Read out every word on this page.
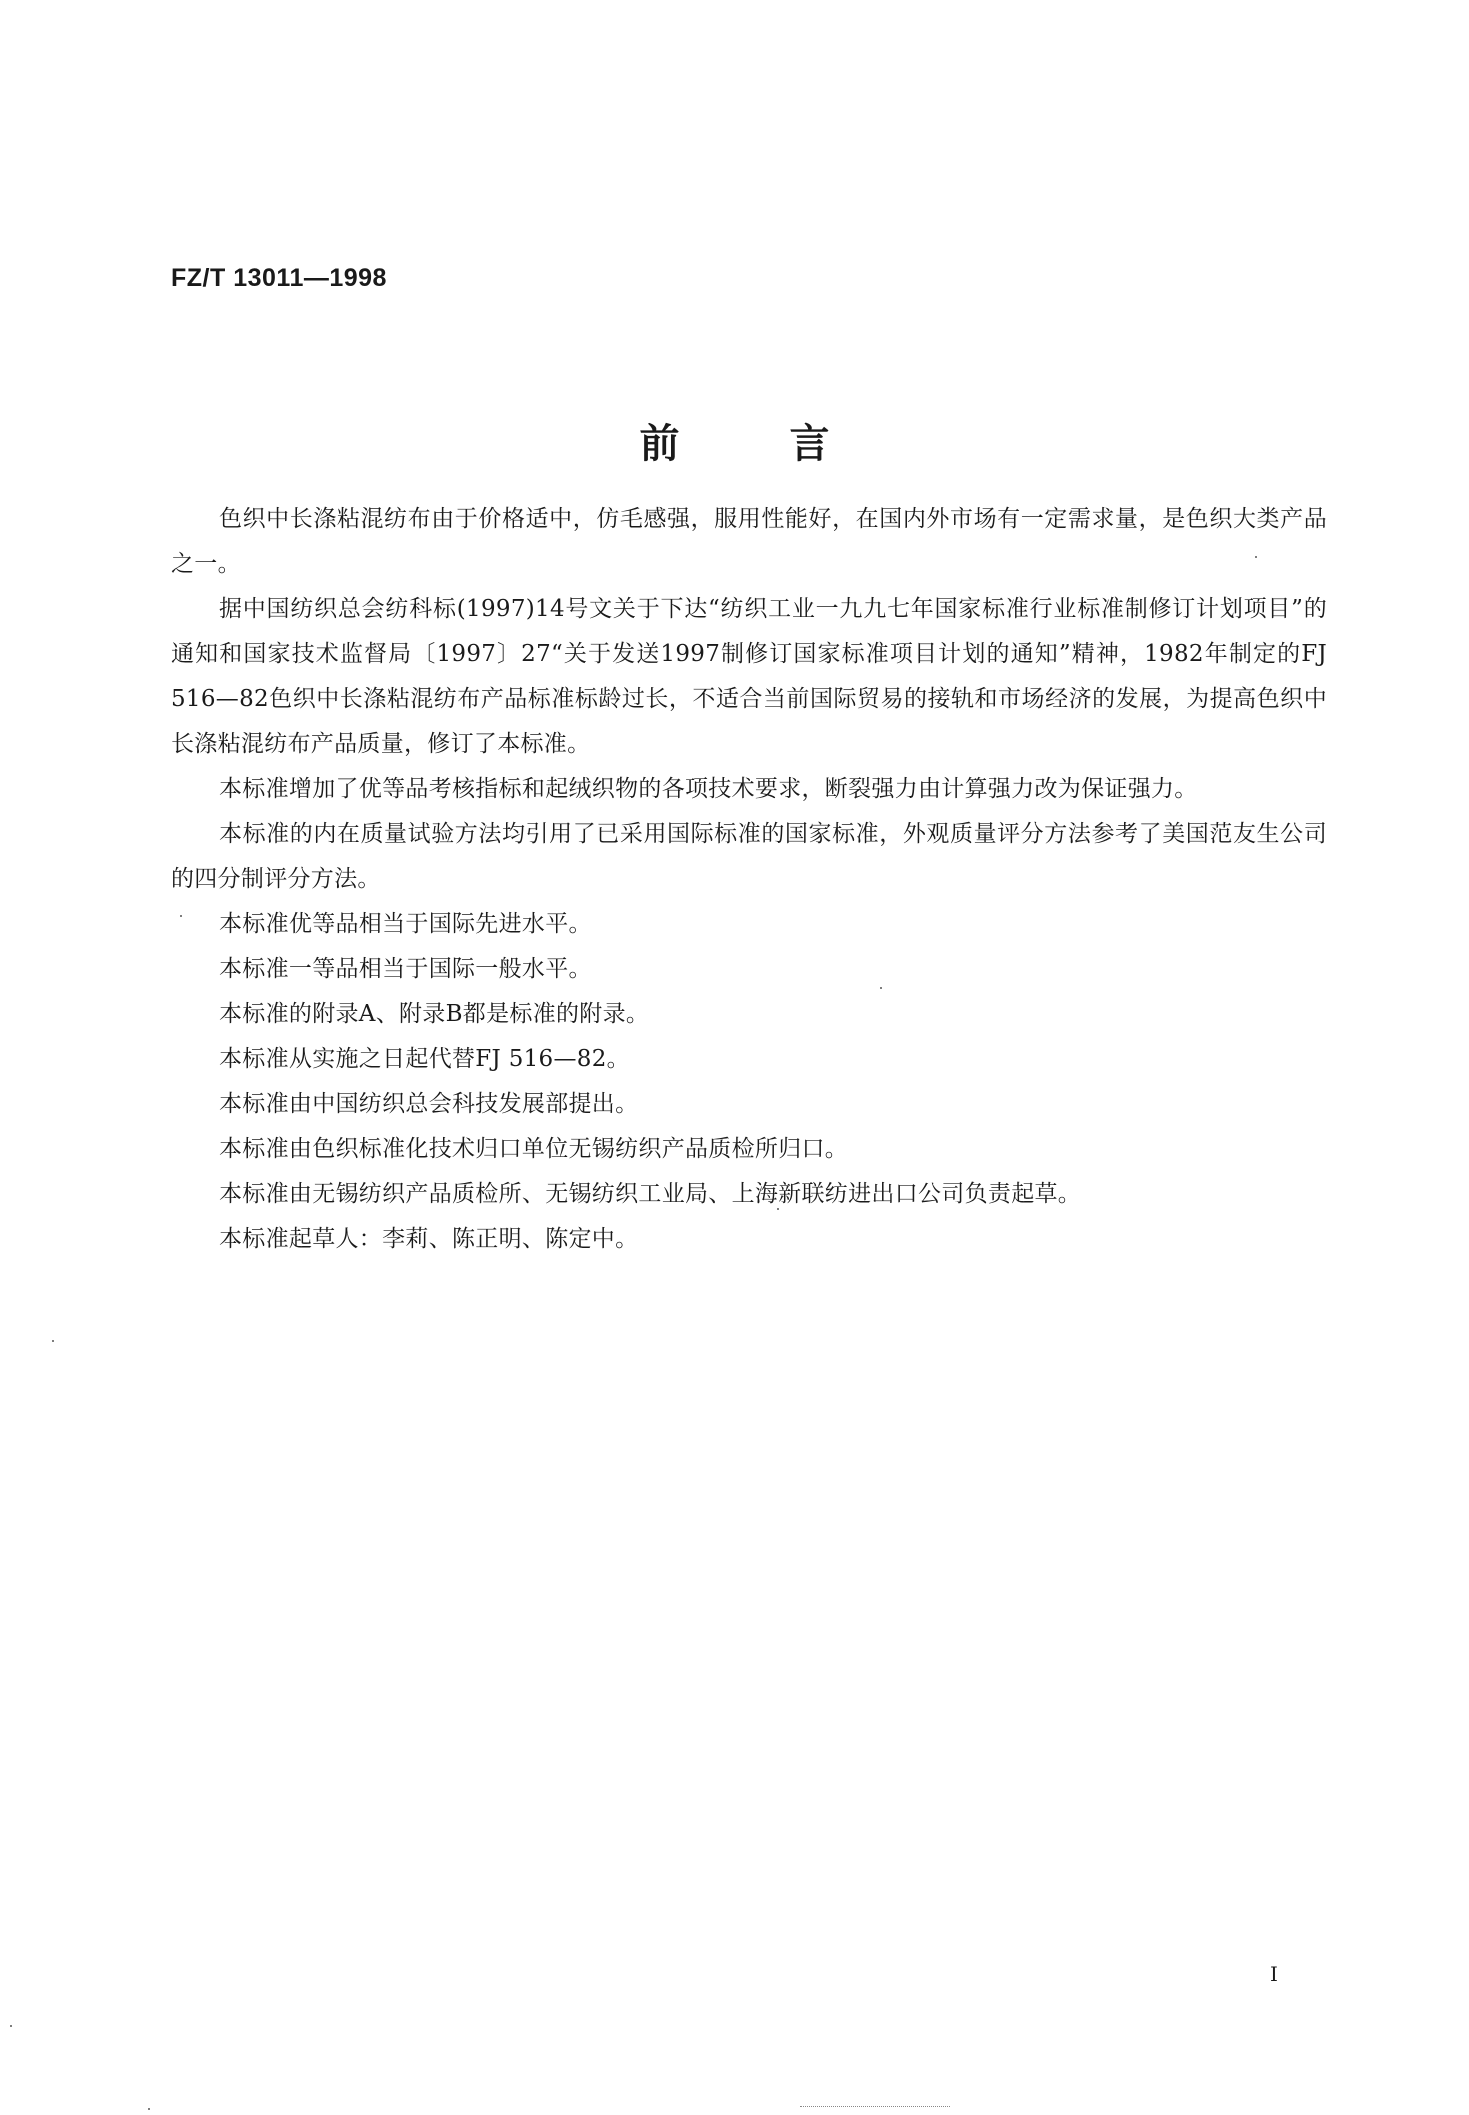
FZ/T 13011—1998
前言

色织中长涤粘混纺布由于价格适中，仿毛感强，服用性能好，在国内外市场有一定需求量，是色织大类产品之一。

据中国纺织总会纺科标(1997)14号文关于下达“纺织工业一九九七年国家标准行业标准制修订计划项目”的通知和国家技术监督局〔1997〕27“关于发送1997制修订国家标准项目计划的通知”精神，1982年制定的FJ 516—82色织中长涤粘混纺布产品标准标龄过长，不适合当前国际贸易的接轨和市场经济的发展，为提高色织中长涤粘混纺布产品质量，修订了本标准。

本标准增加了优等品考核指标和起绒织物的各项技术要求，断裂强力由计算强力改为保证强力。

本标准的内在质量试验方法均引用了已采用国际标准的国家标准，外观质量评分方法参考了美国范友生公司的四分制评分方法。

本标准优等品相当于国际先进水平。

本标准一等品相当于国际一般水平。

本标准的附录A、附录B都是标准的附录。

本标准从实施之日起代替FJ 516—82。

本标准由中国纺织总会科技发展部提出。

本标准由色织标准化技术归口单位无锡纺织产品质检所归口。

本标准由无锡纺织产品质检所、无锡纺织工业局、上海新联纺进出口公司负责起草。

本标准起草人：李莉、陈正明、陈定中。

I
